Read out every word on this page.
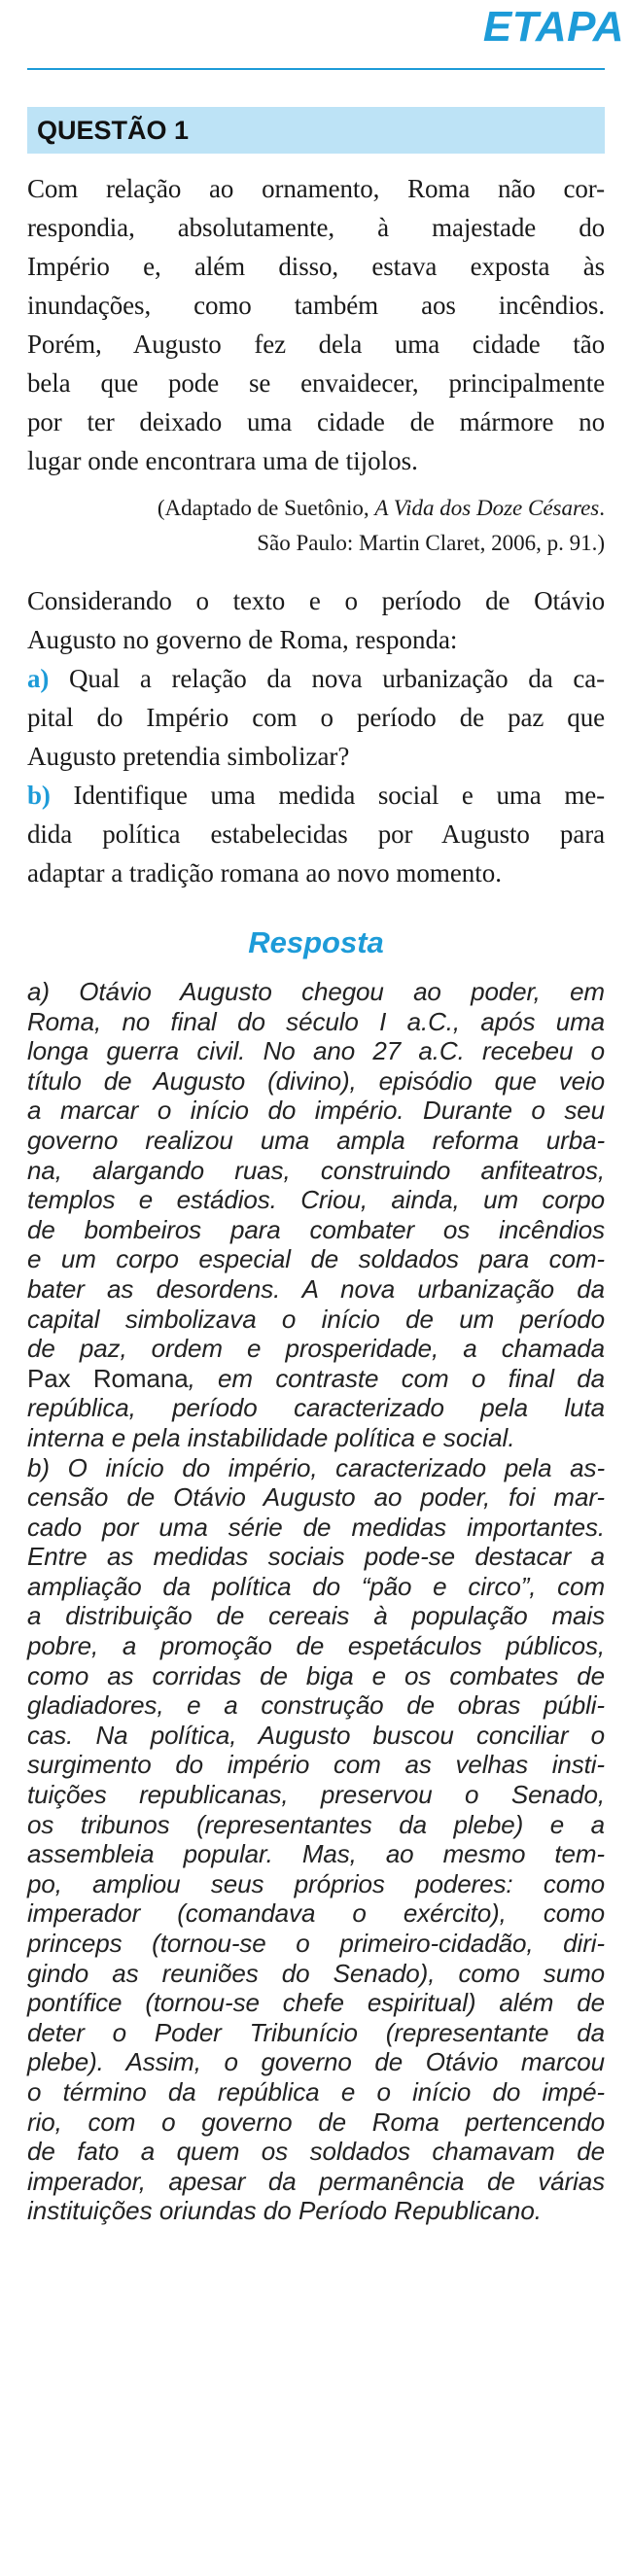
ETAPA
QUESTÃO 1
Com relação ao ornamento, Roma não cor-
respondia, absolutamente, à majestade do
Império e, além disso, estava exposta às
inundações, como também aos incêndios.
Porém, Augusto fez dela uma cidade tão
bela que pode se envaidecer, principalmente
por ter deixado uma cidade de mármore no
lugar onde encontrara uma de tijolos.
(Adaptado de Suetônio, A Vida dos Doze Césares.
São Paulo: Martin Claret, 2006, p. 91.)
Considerando o texto e o período de Otávio
Augusto no governo de Roma, responda:
a) Qual a relação da nova urbanização da ca-
pital do Império com o período de paz que
Augusto pretendia simbolizar?
b) Identifique uma medida social e uma me-
dida política estabelecidas por Augusto para
adaptar a tradição romana ao novo momento.
Resposta
a) Otávio Augusto chegou ao poder, em
Roma, no final do século I a.C., após uma
longa guerra civil. No ano 27 a.C. recebeu o
título de Augusto (divino), episódio que veio
a marcar o início do império. Durante o seu
governo realizou uma ampla reforma urba-
na, alargando ruas, construindo anfiteatros,
templos e estádios. Criou, ainda, um corpo
de bombeiros para combater os incêndios
e um corpo especial de soldados para com-
bater as desordens. A nova urbanização da
capital simbolizava o início de um período
de paz, ordem e prosperidade, a chamada
Pax Romana, em contraste com o final da
república, período caracterizado pela luta
interna e pela instabilidade política e social.
b) O início do império, caracterizado pela as-
censão de Otávio Augusto ao poder, foi mar-
cado por uma série de medidas importantes.
Entre as medidas sociais pode-se destacar a
ampliação da política do “pão e circo”, com
a distribuição de cereais à população mais
pobre, a promoção de espetáculos públicos,
como as corridas de biga e os combates de
gladiadores, e a construção de obras públi-
cas. Na política, Augusto buscou conciliar o
surgimento do império com as velhas insti-
tuições republicanas, preservou o Senado,
os tribunos (representantes da plebe) e a
assembleia popular. Mas, ao mesmo tem-
po, ampliou seus próprios poderes: como
imperador (comandava o exército), como
princeps (tornou-se o primeiro-cidadão, diri-
gindo as reuniões do Senado), como sumo
pontífice (tornou-se chefe espiritual) além de
deter o Poder Tribunício (representante da
plebe). Assim, o governo de Otávio marcou
o término da república e o início do impé-
rio, com o governo de Roma pertencendo
de fato a quem os soldados chamavam de
imperador, apesar da permanência de várias
instituições oriundas do Período Republicano.
